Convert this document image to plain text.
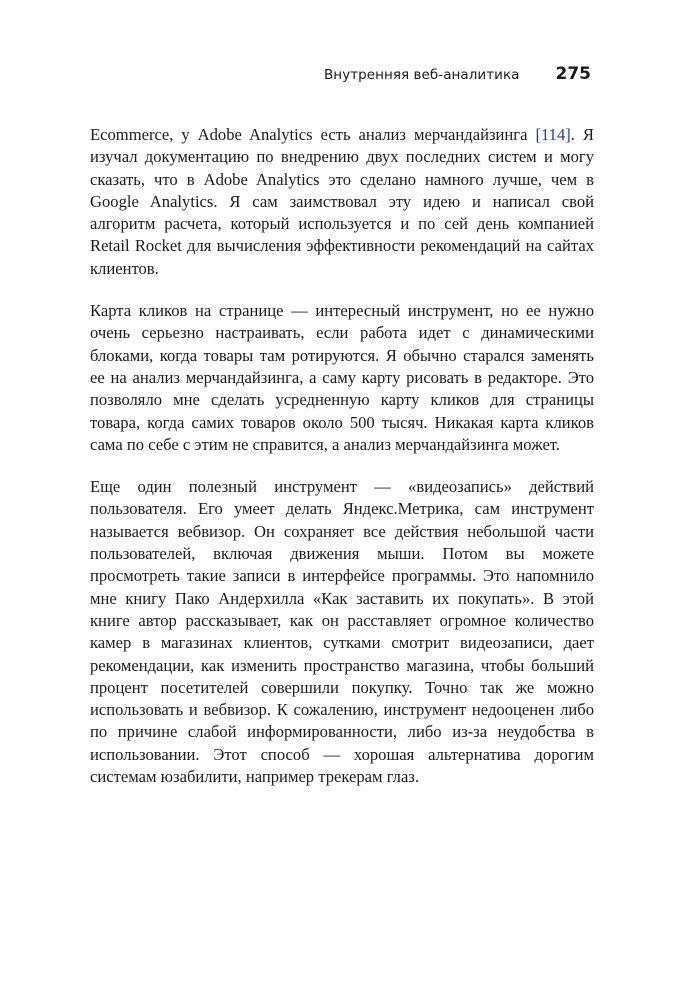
Внутренняя веб-аналитика 275

Ecommerce, у Adobe Analytics есть анализ мерчандайзинга [114]. Я изучал документацию по внедрению двух последних систем и могу сказать, что в Adobe Analytics это сделано намного лучше, чем в Google Analytics. Я сам заимствовал эту идею и написал свой алгоритм расчета, который используется и по сей день компанией Retail Rocket для вычисления эффективности рекомендаций на сайтах клиентов.

Карта кликов на странице — интересный инструмент, но ее нужно очень серьезно настраивать, если работа идет с динамическими блоками, когда товары там ротируются. Я обычно старался заменять ее на анализ мерчандайзинга, а саму карту рисовать в редакторе. Это позволяло мне сделать усредненную карту кликов для страницы товара, когда самих товаров около 500 тысяч. Никакая карта кликов сама по себе с этим не справится, а анализ мерчандайзинга может.

Еще один полезный инструмент — «видеозапись» действий пользователя. Его умеет делать Яндекс.Метрика, сам инструмент называется вебвизор. Он сохраняет все действия небольшой части пользователей, включая движения мыши. Потом вы можете просмотреть такие записи в интерфейсе программы. Это напомнило мне книгу Пако Андерхилла «Как заставить их покупать». В этой книге автор рассказывает, как он расставляет огромное количество камер в магазинах клиентов, сутками смотрит видеозаписи, дает рекомендации, как изменить пространство магазина, чтобы больший процент посетителей совершили покупку. Точно так же можно использовать и вебвизор. К сожалению, инструмент недооценен либо по причине слабой информированности, либо из-за неудобства в использовании. Этот способ — хорошая альтернатива дорогим системам юзабилити, например трекерам глаз.
